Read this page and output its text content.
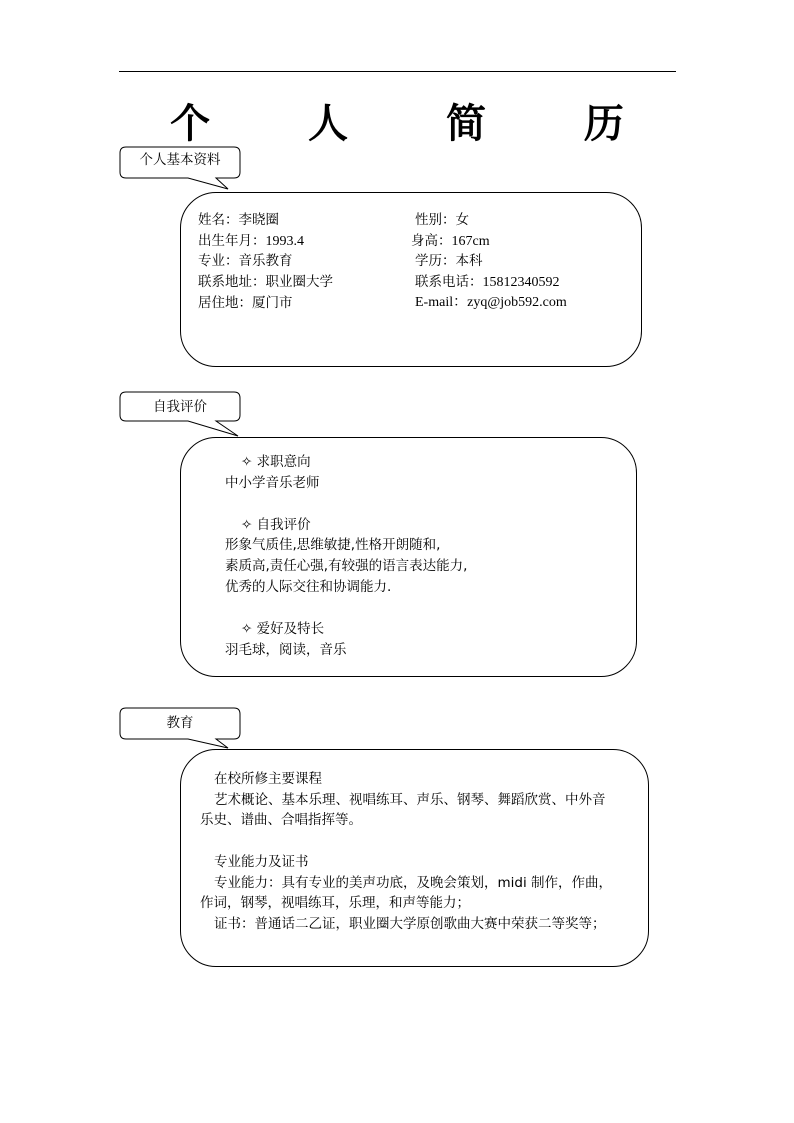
个 人 简 历
个人基本资料
姓名：李晓圈	性别：女
出生年月：1993.4	身高：167cm
专业：音乐教育	学历：本科
联系地址：职业圈大学	联系电话：15812340592
居住地：厦门市	E-mail：zyq@job592.com
自我评价
✧ 求职意向
中小学音乐老师
✧ 自我评价
形象气质佳,思维敏捷,性格开朗随和,
素质高,责任心强,有较强的语言表达能力,
优秀的人际交往和协调能力.
✧ 爱好及特长
羽毛球，阅读，音乐
教育
在校所修主要课程
艺术概论、基本乐理、视唱练耳、声乐、钢琴、舞蹈欣赏、中外音
乐史、谱曲、合唱指挥等。
专业能力及证书
专业能力：具有专业的美声功底，及晚会策划，midi 制作，作曲，
作词，钢琴，视唱练耳，乐理，和声等能力；
证书：普通话二乙证，职业圈大学原创歌曲大赛中荣获二等奖等；
